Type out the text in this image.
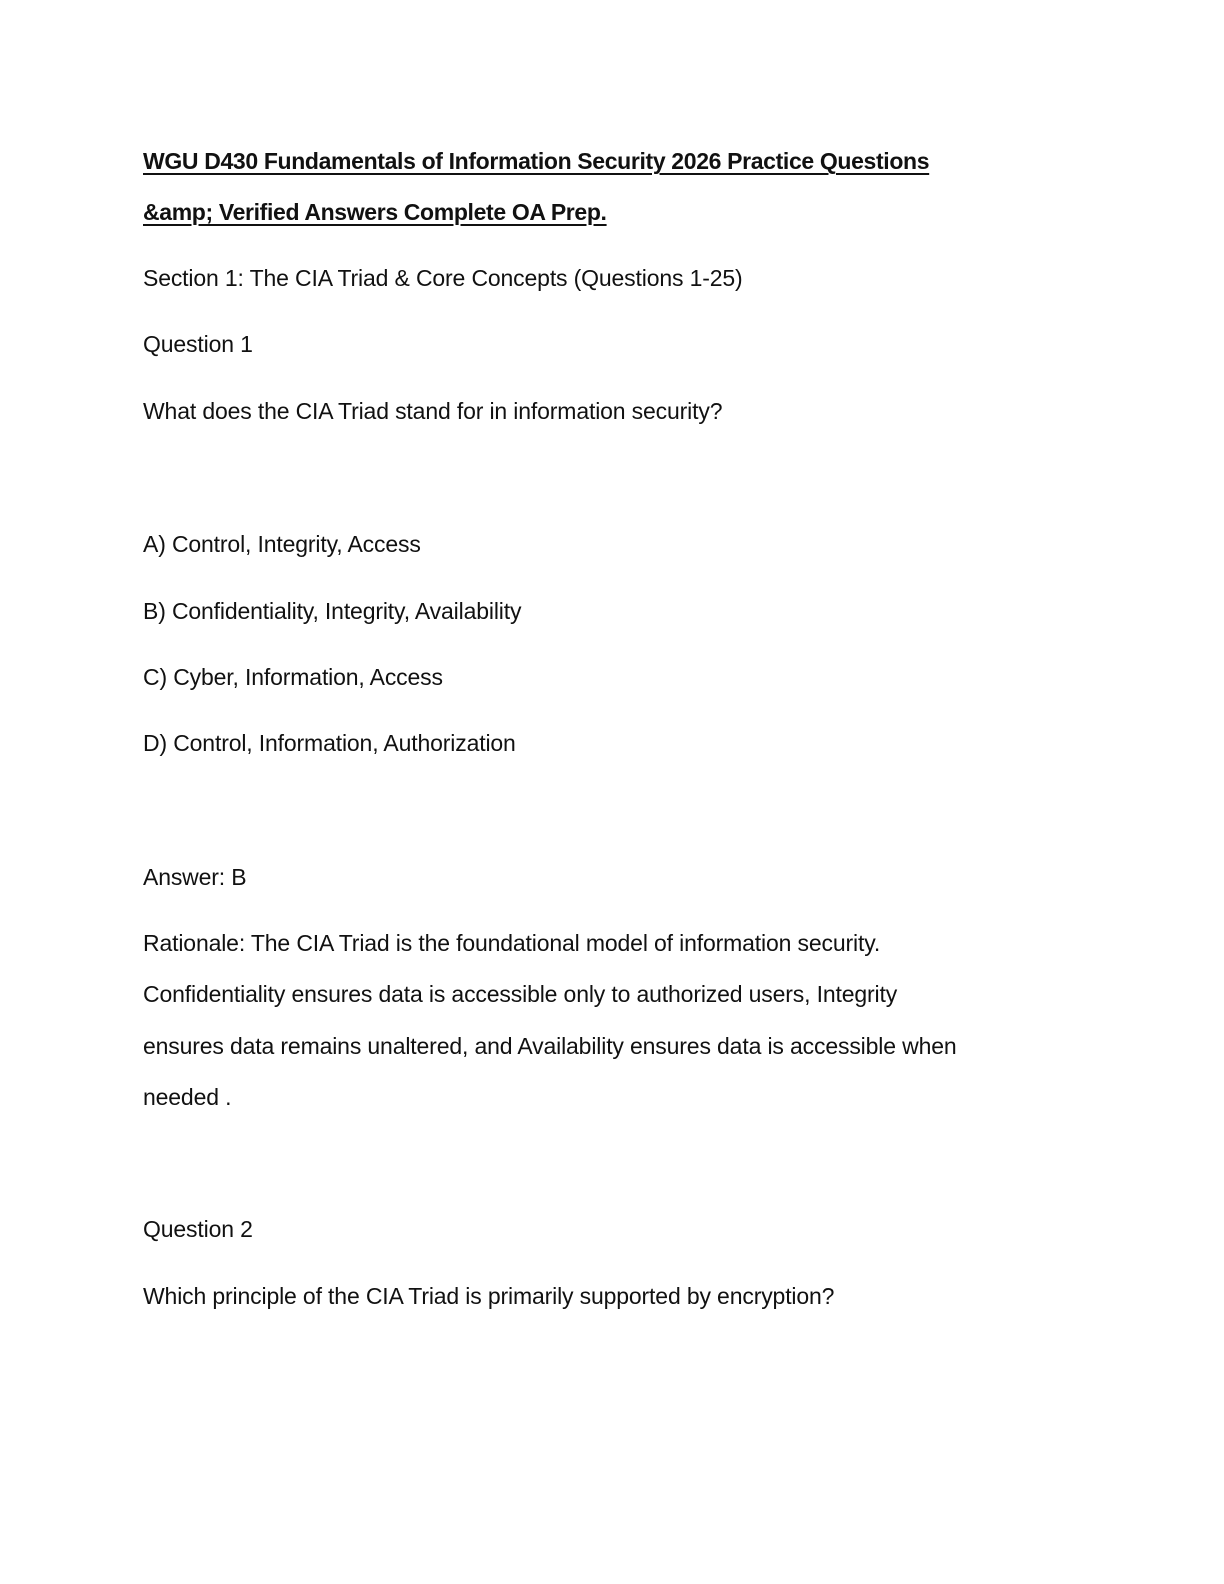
WGU D430 Fundamentals of Information Security 2026 Practice Questions

&amp; Verified Answers Complete OA Prep.

Section 1: The CIA Triad & Core Concepts (Questions 1-25)

Question 1

What does the CIA Triad stand for in information security?

A) Control, Integrity, Access

B) Confidentiality, Integrity, Availability

C) Cyber, Information, Access

D) Control, Information, Authorization

Answer: B

Rationale: The CIA Triad is the foundational model of information security.

Confidentiality ensures data is accessible only to authorized users, Integrity

ensures data remains unaltered, and Availability ensures data is accessible when

needed .

Question 2

Which principle of the CIA Triad is primarily supported by encryption?
